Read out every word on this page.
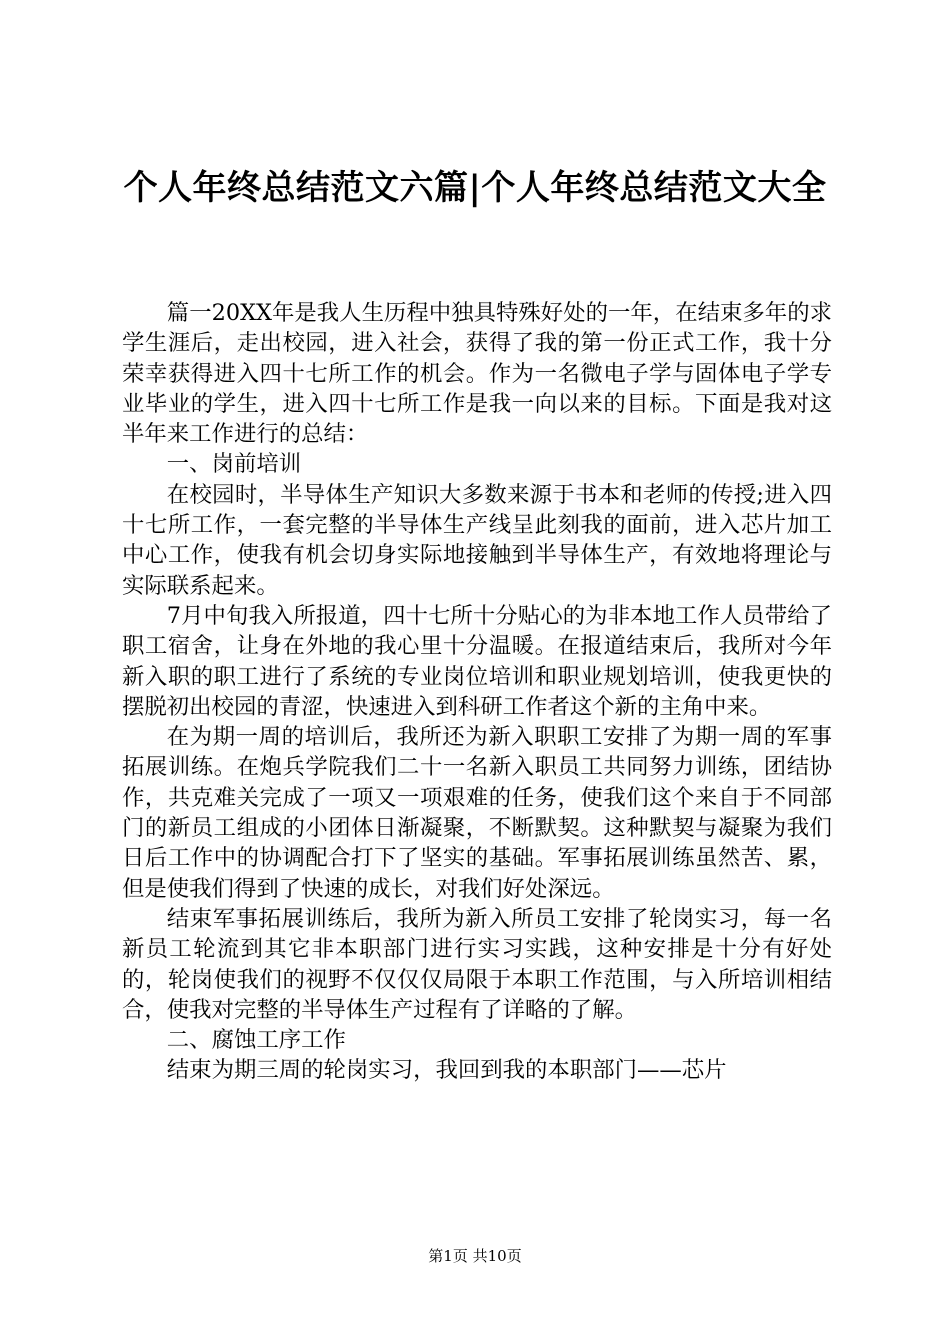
个人年终总结范文六篇|个人年终总结范文大全

篇一20XX年是我人生历程中独具特殊好处的一年，在结束多年的求学生涯后，走出校园，进入社会，获得了我的第一份正式工作，我十分荣幸获得进入四十七所工作的机会。作为一名微电子学与固体电子学专业毕业的学生，进入四十七所工作是我一向以来的目标。下面是我对这半年来工作进行的总结：

一、岗前培训

在校园时，半导体生产知识大多数来源于书本和老师的传授;进入四十七所工作，一套完整的半导体生产线呈此刻我的面前，进入芯片加工中心工作，使我有机会切身实际地接触到半导体生产，有效地将理论与实际联系起来。

7月中旬我入所报道，四十七所十分贴心的为非本地工作人员带给了职工宿舍，让身在外地的我心里十分温暖。在报道结束后，我所对今年新入职的职工进行了系统的专业岗位培训和职业规划培训，使我更快的摆脱初出校园的青涩，快速进入到科研工作者这个新的主角中来。

在为期一周的培训后，我所还为新入职职工安排了为期一周的军事拓展训练。在炮兵学院我们二十一名新入职员工共同努力训练，团结协作，共克难关完成了一项又一项艰难的任务，使我们这个来自于不同部门的新员工组成的小团体日渐凝聚，不断默契。这种默契与凝聚为我们日后工作中的协调配合打下了坚实的基础。军事拓展训练虽然苦、累，但是使我们得到了快速的成长，对我们好处深远。

结束军事拓展训练后，我所为新入所员工安排了轮岗实习，每一名新员工轮流到其它非本职部门进行实习实践，这种安排是十分有好处的，轮岗使我们的视野不仅仅仅局限于本职工作范围，与入所培训相结合，使我对完整的半导体生产过程有了详略的了解。

二、腐蚀工序工作

结束为期三周的轮岗实习，我回到我的本职部门——芯片

第1页 共10页
